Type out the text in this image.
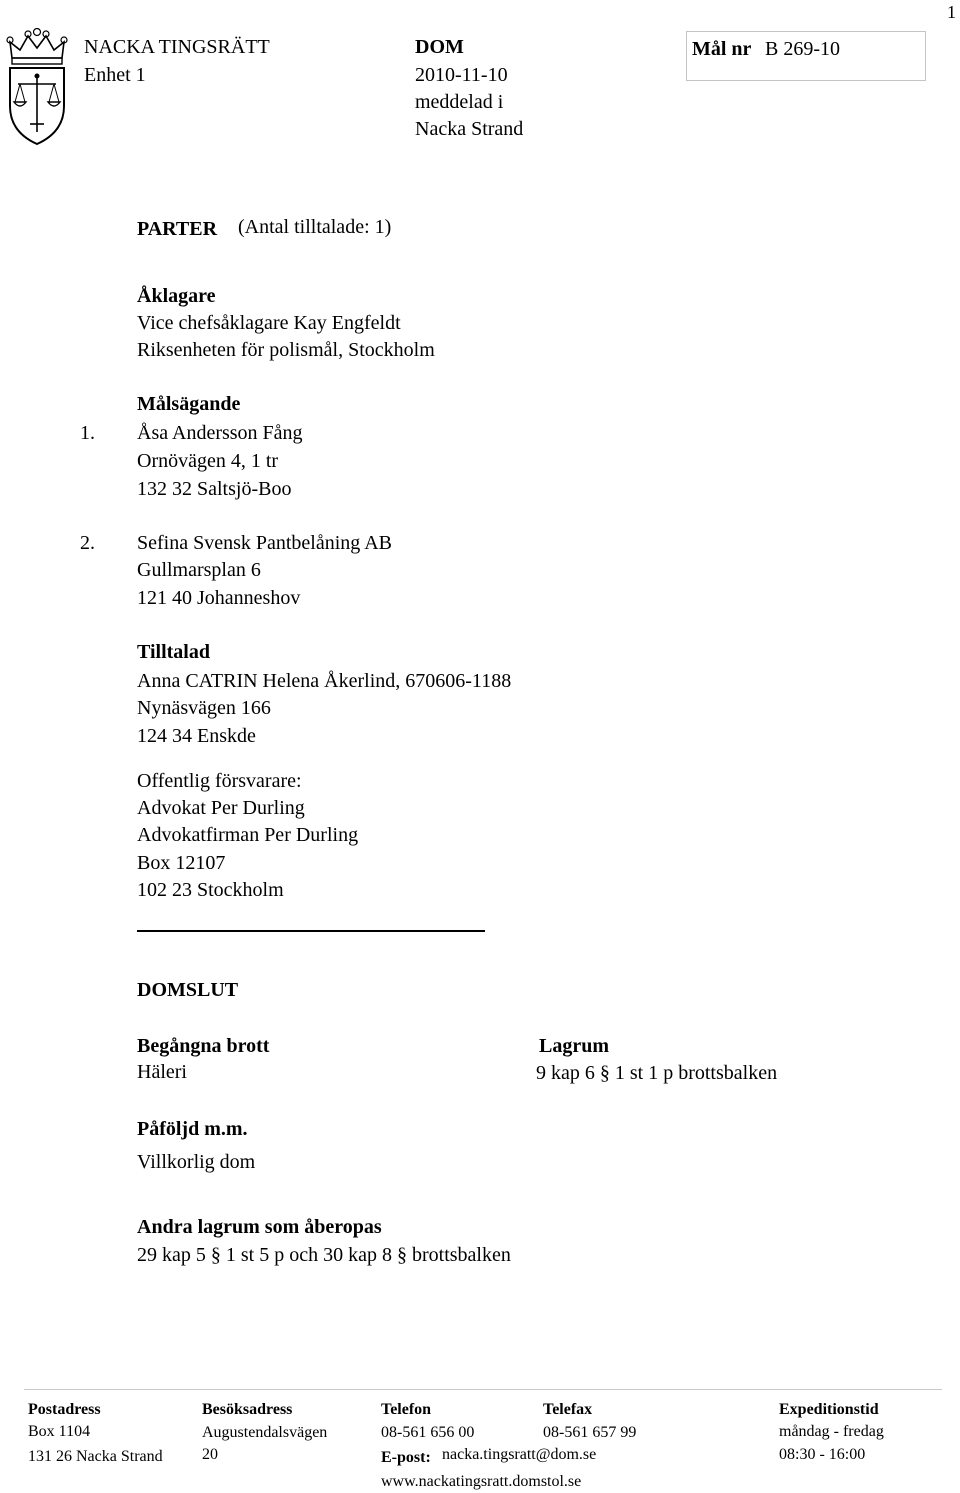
1
NACKA TINGSRÄTT
Enhet 1
DOM
2010-11-10
meddelad i
Nacka Strand
Mål nr B 269-10
PARTER (Antal tilltalade: 1)
Åklagare
Vice chefsåklagare Kay Engfeldt
Riksenheten för polismål, Stockholm
Målsägande
1. Åsa Andersson Fång
Ornövägen 4, 1 tr
132 32 Saltsjö-Boo
2. Sefina Svensk Pantbelåning AB
Gullmarsplan 6
121 40 Johanneshov
Tilltalad
Anna CATRIN Helena Åkerlind, 670606-1188
Nynäsvägen 166
124 34 Enskde
Offentlig försvarare:
Advokat Per Durling
Advokatfirman Per Durling
Box 12107
102 23 Stockholm
DOMSLUT
Begångna brott
Häleri
Lagrum
9 kap 6 § 1 st 1 p brottsbalken
Påföljd m.m.
Villkorlig dom
Andra lagrum som åberopas
29 kap 5 § 1 st 5 p och 30 kap 8 § brottsbalken
Postadress
Box 1104
131 26 Nacka Strand
Besöksadress
Augustendalsvägen
20
Telefon
08-561 656 00
E-post: nacka.tingsratt@dom.se
www.nackatingsratt.domstol.se
Telefax
08-561 657 99
Expeditionstid
måndag - fredag
08:30 - 16:00
